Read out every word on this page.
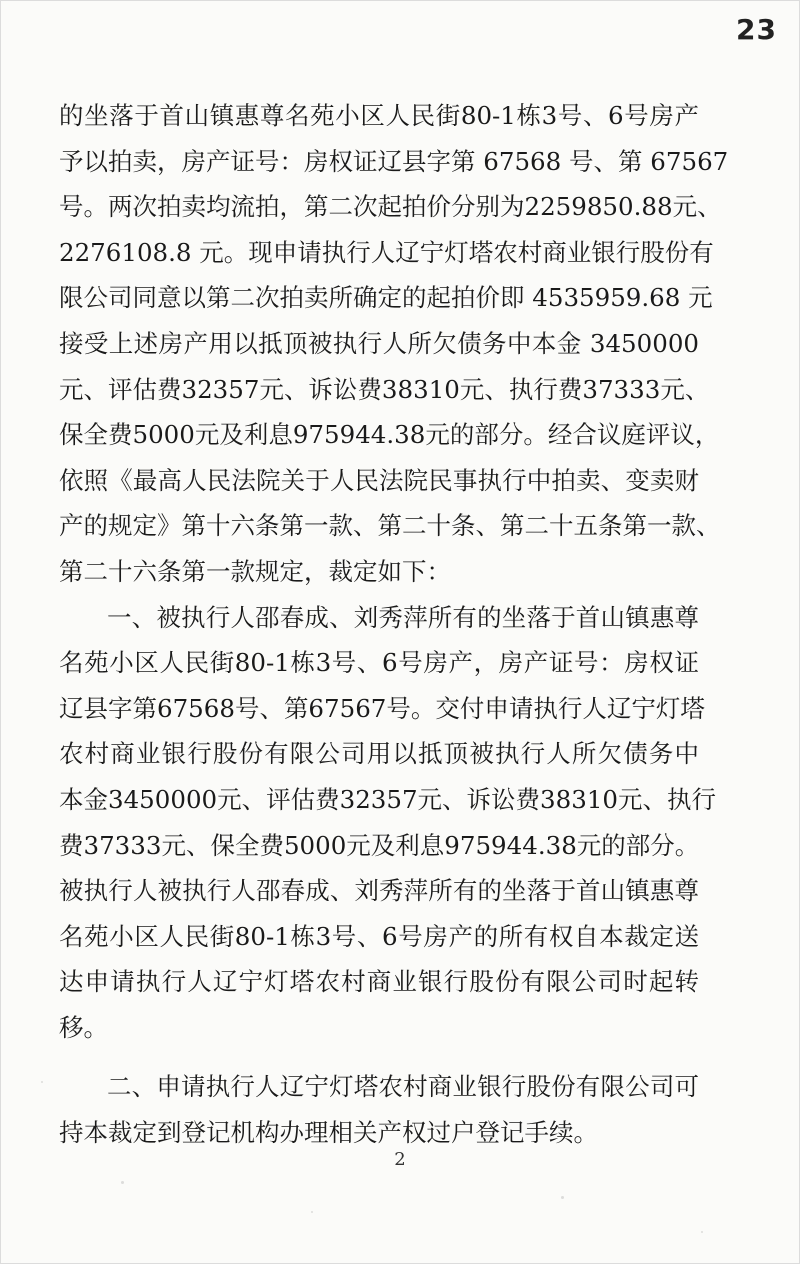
23
的坐落于首山镇惠尊名苑小区人民街80-1栋3号、6号房产
予以拍卖，房产证号：房权证辽县字第 67568 号、第 67567
号。两次拍卖均流拍，第二次起拍价分别为2259850.88元、
2276108.8 元。现申请执行人辽宁灯塔农村商业银行股份有
限公司同意以第二次拍卖所确定的起拍价即 4535959.68 元
接受上述房产用以抵顶被执行人所欠债务中本金 3450000
元、评估费32357元、诉讼费38310元、执行费37333元、
保全费5000元及利息975944.38元的部分。经合议庭评议，
依照《最高人民法院关于人民法院民事执行中拍卖、变卖财
产的规定》第十六条第一款、第二十条、第二十五条第一款、
第二十六条第一款规定，裁定如下：
一、被执行人邵春成、刘秀萍所有的坐落于首山镇惠尊
名苑小区人民街80-1栋3号、6号房产，房产证号：房权证
辽县字第67568号、第67567号。交付申请执行人辽宁灯塔
农村商业银行股份有限公司用以抵顶被执行人所欠债务中
本金3450000元、评估费32357元、诉讼费38310元、执行
费37333元、保全费5000元及利息975944.38元的部分。
被执行人被执行人邵春成、刘秀萍所有的坐落于首山镇惠尊
名苑小区人民街80-1栋3号、6号房产的所有权自本裁定送
达申请执行人辽宁灯塔农村商业银行股份有限公司时起转
移。
二、申请执行人辽宁灯塔农村商业银行股份有限公司可
持本裁定到登记机构办理相关产权过户登记手续。
2
